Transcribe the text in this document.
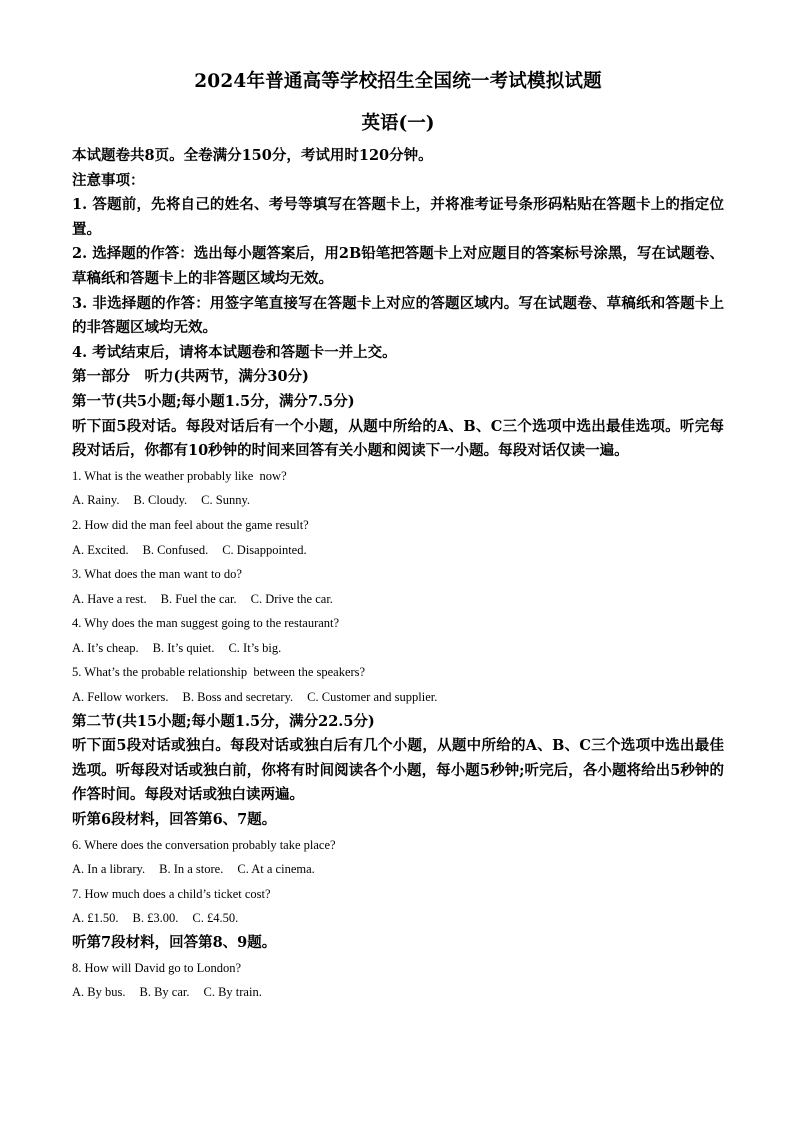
2024年普通高等学校招生全国统一考试模拟试题
英语(一)

本试题卷共8页。全卷满分150分，考试用时120分钟。

注意事项：

1. 答题前，先将自己的姓名、考号等填写在答题卡上，并将准考证号条形码粘贴在答题卡上的指定位置。

2. 选择题的作答：选出每小题答案后，用2B铅笔把答题卡上对应题目的答案标号涂黑，写在试题卷、草稿纸和答题卡上的非答题区域均无效。

3. 非选择题的作答：用签字笔直接写在答题卡上对应的答题区域内。写在试题卷、草稿纸和答题卡上的非答题区域均无效。

4. 考试结束后，请将本试题卷和答题卡一并上交。

第一部分　听力(共两节，满分30分)

第一节(共5小题;每小题1.5分，满分7.5分)

听下面5段对话。每段对话后有一个小题，从题中所给的A、B、C三个选项中选出最佳选项。听完每段对话后，你都有10秒钟的时间来回答有关小题和阅读下一小题。每段对话仅读一遍。

1. What is the weather probably like  now?

A. Rainy. B. Cloudy. C. Sunny.

2. How did the man feel about the game result?

A. Excited. B. Confused. C. Disappointed.

3. What does the man want to do?

A. Have a rest. B. Fuel the car. C. Drive the car.

4. Why does the man suggest going to the restaurant?

A. It’s cheap. B. It’s quiet. C. It’s big.

5. What’s the probable relationship  between the speakers?

A. Fellow workers. B. Boss and secretary. C. Customer and supplier.

第二节(共15小题;每小题1.5分，满分22.5分)

听下面5段对话或独白。每段对话或独白后有几个小题，从题中所给的A、B、C三个选项中选出最佳选项。听每段对话或独白前，你将有时间阅读各个小题，每小题5秒钟;听完后，各小题将给出5秒钟的作答时间。每段对话或独白读两遍。

听第6段材料，回答第6、7题。

6. Where does the conversation probably take place?

A. In a library. B. In a store. C. At a cinema.

7. How much does a child’s ticket cost?

A. £1.50. B. £3.00. C. £4.50.

听第7段材料，回答第8、9题。

8. How will David go to London?

A. By bus. B. By car. C. By train.
